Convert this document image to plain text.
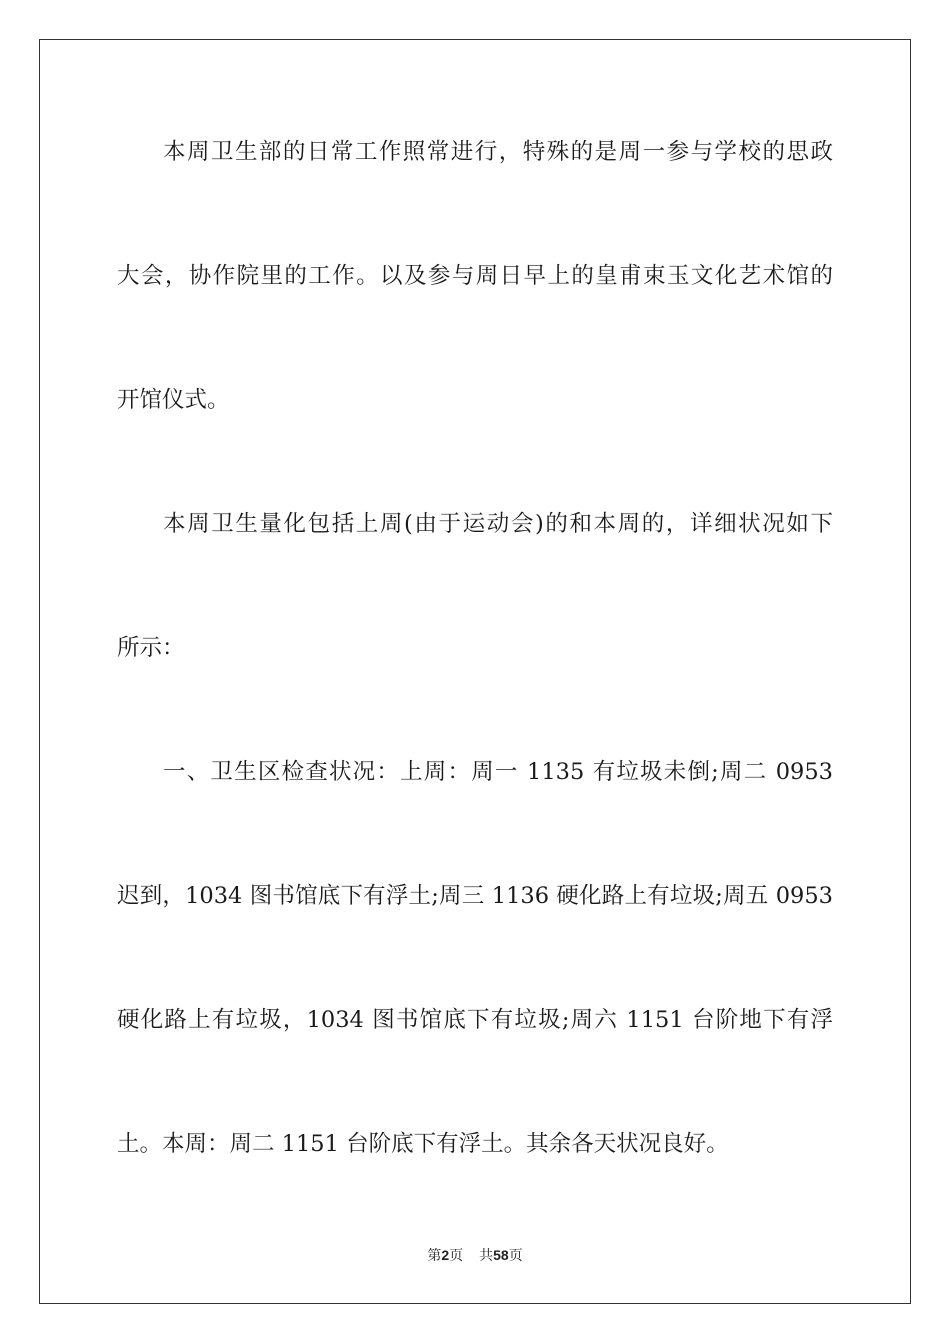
本周卫生部的日常工作照常进行，特殊的是周一参与学校的思政
大会，协作院里的工作。以及参与周日早上的皇甫束玉文化艺术馆的
开馆仪式。
本周卫生量化包括上周(由于运动会)的和本周的，详细状况如下
所示：
一、卫生区检查状况：上周：周一 1135 有垃圾未倒;周二 0953
迟到，1034 图书馆底下有浮土;周三 1136 硬化路上有垃圾;周五 0953
硬化路上有垃圾，1034 图书馆底下有垃圾;周六 1151 台阶地下有浮
土。本周：周二 1151 台阶底下有浮土。其余各天状况良好。
第2页 共58页
